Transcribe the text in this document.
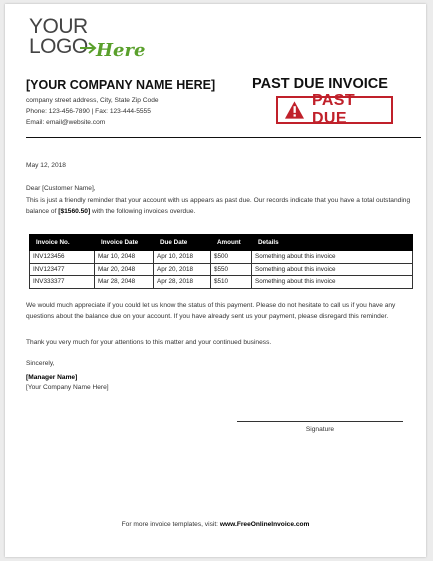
YOUR
LOGO Here
[YOUR COMPANY NAME HERE]
company street address, City, State Zip Code
Phone: 123-456-7890 | Fax: 123-444-5555
Email: email@website.com
PAST DUE INVOICE
PAST DUE
May 12, 2018
Dear [Customer Name],
This is just a friendly reminder that your account with us appears as past due. Our records indicate that you have a total outstanding balance of [$1560.50] with the following invoices overdue.
Invoice No.	Invoice Date	Due Date	Amount	Details
INV123456	Mar 10, 2048	Apr 10, 2018	$500	Something about this invoice
INV123477	Mar 20, 2048	Apr 20, 2018	$550	Something about this invoice
INV333377	Mar 28, 2048	Apr 28, 2018	$510	Something about this invoice
We would much appreciate if you could let us know the status of this payment. Please do not hesitate to call us if you have any questions about the balance due on your account. If you have already sent us your payment, please disregard this reminder.
Thank you very much for your attentions to this matter and your continued business.
Sincerely,
[Manager Name]
[Your Company Name Here]
Signature
For more invoice templates, visit: www.FreeOnlineInvoice.com
